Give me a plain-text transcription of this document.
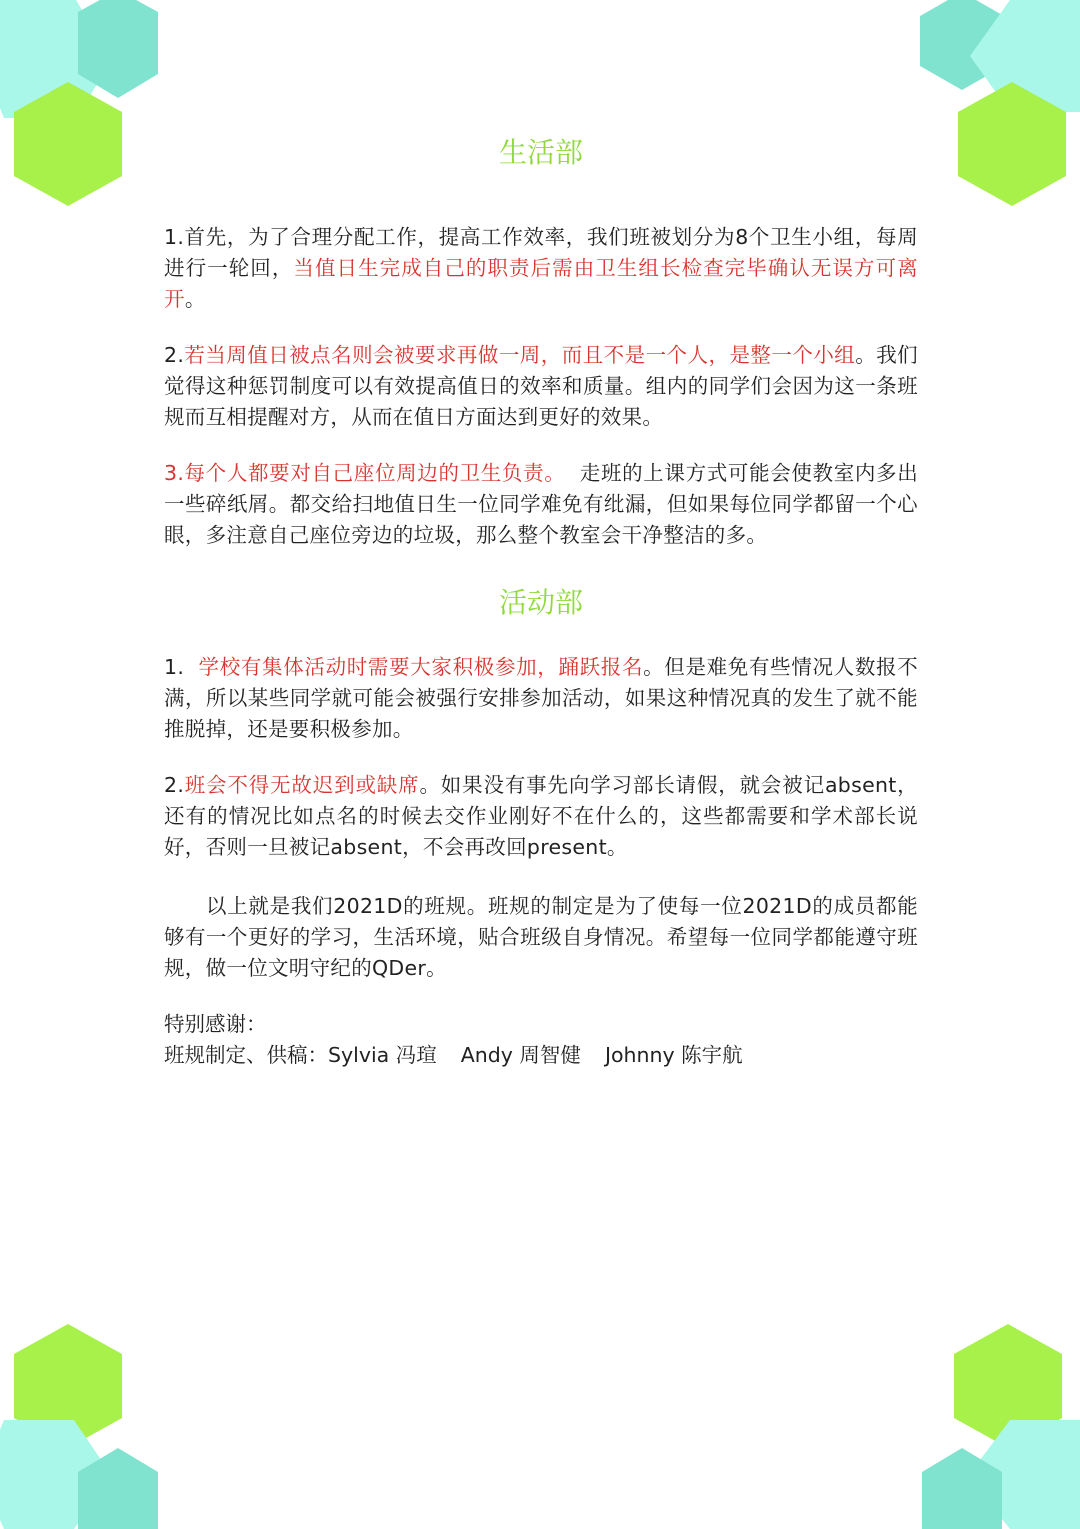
生活部

1.首先，为了合理分配工作，提高工作效率，我们班被划分为8个卫生小组，每周进行一轮回，当值日生完成自己的职责后需由卫生组长检查完毕确认无误方可离开。

2.若当周值日被点名则会被要求再做一周，而且不是一个人，是整一个小组。我们觉得这种惩罚制度可以有效提高值日的效率和质量。组内的同学们会因为这一条班规而互相提醒对方，从而在值日方面达到更好的效果。

3.每个人都要对自己座位周边的卫生负责。  走班的上课方式可能会使教室内多出一些碎纸屑。都交给扫地值日生一位同学难免有纰漏，但如果每位同学都留一个心眼，多注意自己座位旁边的垃圾，那么整个教室会干净整洁的多。

活动部

1.  学校有集体活动时需要大家积极参加，踊跃报名。但是难免有些情况人数报不满，所以某些同学就可能会被强行安排参加活动，如果这种情况真的发生了就不能推脱掉，还是要积极参加。

2.班会不得无故迟到或缺席。如果没有事先向学习部长请假，就会被记absent，还有的情况比如点名的时候去交作业刚好不在什么的，这些都需要和学术部长说好，否则一旦被记absent，不会再改回present。

以上就是我们2021D的班规。班规的制定是为了使每一位2021D的成员都能够有一个更好的学习，生活环境，贴合班级自身情况。希望每一位同学都能遵守班规，做一位文明守纪的QDer。

特别感谢：
班规制定、供稿：Sylvia 冯瑄 Andy 周智健 Johnny 陈宇航
